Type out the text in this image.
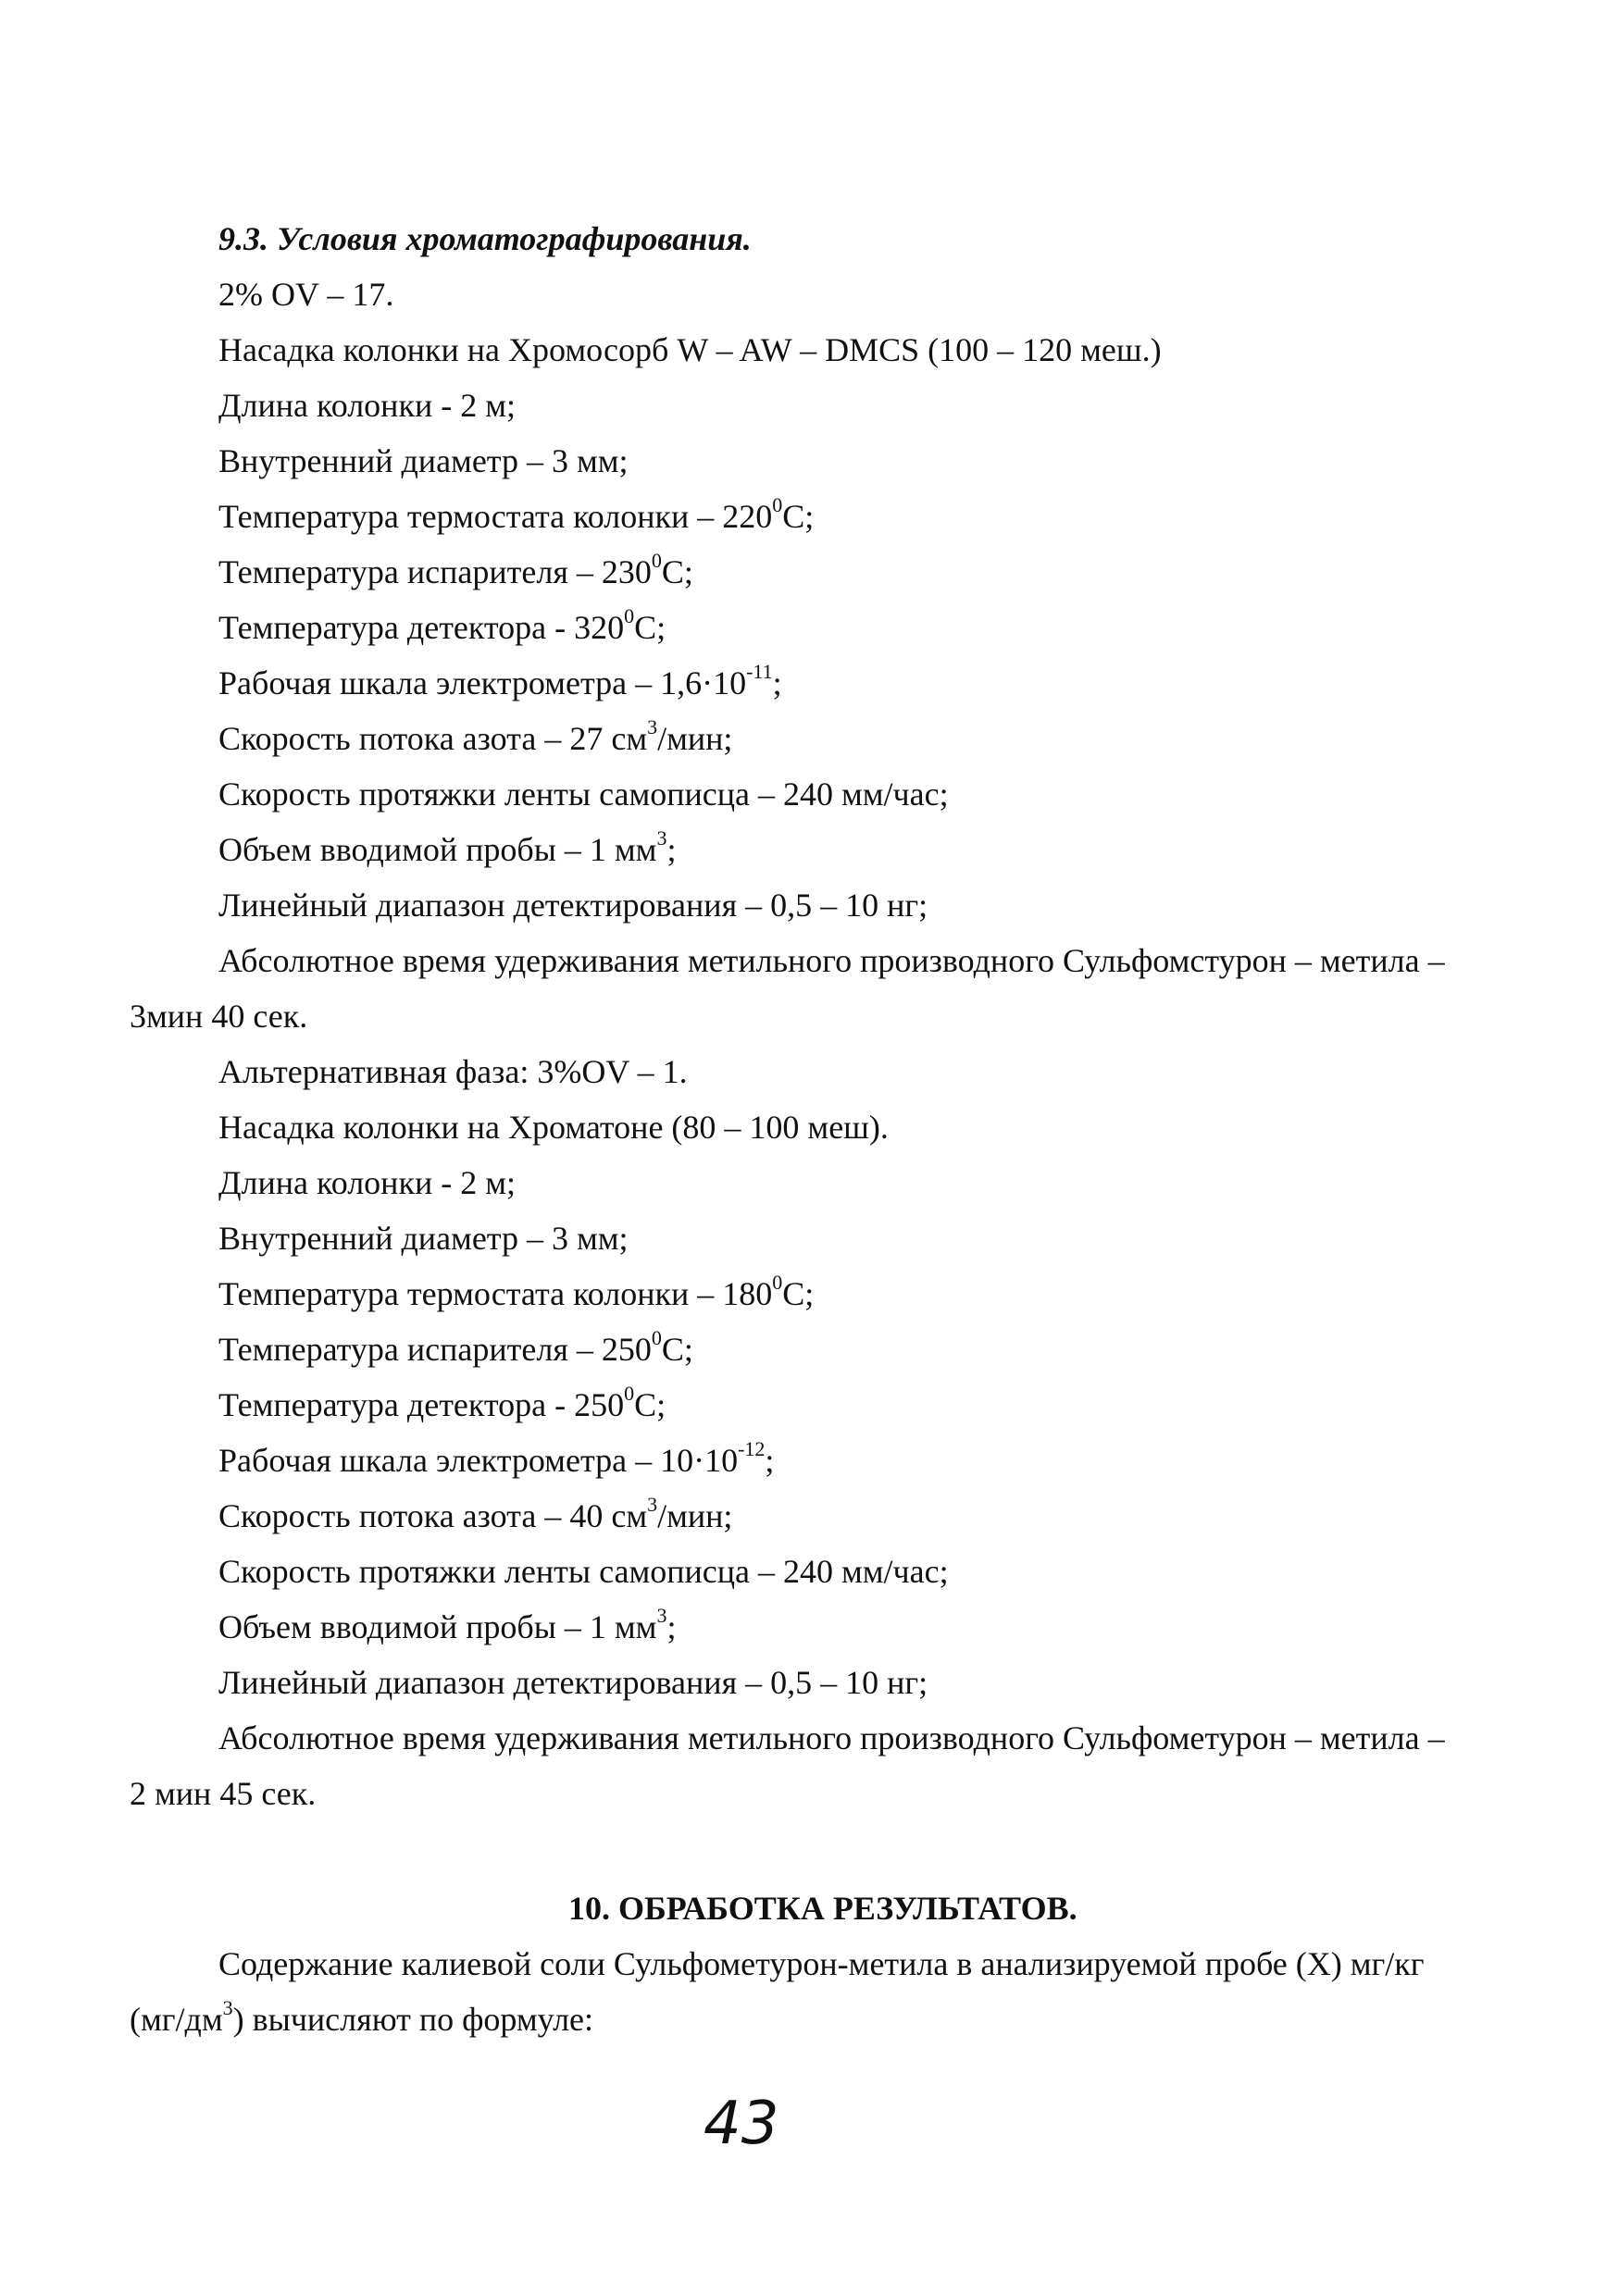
9.3. Условия хроматографирования.
2% OV – 17.
Насадка колонки на Хромосорб W – AW – DMCS (100 – 120 меш.)
Длина колонки - 2 м;
Внутренний диаметр – 3 мм;
Температура термостата колонки – $220^0С$;
Температура испарителя – $230^0С$;
Температура детектора - $320^0С$;
Рабочая шкала электрометра – $1,6\cdot 10^{-11}$;
Скорость потока азота – 27 $см^3$/мин;
Скорость протяжки ленты самописца – 240 мм/час;
Объем вводимой пробы – 1 $мм^3$;
Линейный диапазон детектирования – 0,5 – 10 нг;
Абсолютное время удерживания метильного производного Сульфомстурон – метила –
3мин 40 сек.
Альтернативная фаза: 3%OV – 1.
Насадка колонки на Хроматоне (80 – 100 меш).
Длина колонки - 2 м;
Внутренний диаметр – 3 мм;
Температура термостата колонки – $180^0С$;
Температура испарителя – $250^0С$;
Температура детектора - $250^0С$;
Рабочая шкала электрометра – $10\cdot 10^{-12}$;
Скорость потока азота – 40 $см^3$/мин;
Скорость протяжки ленты самописца – 240 мм/час;
Объем вводимой пробы – 1 $мм^3$;
Линейный диапазон детектирования – 0,5 – 10 нг;
Абсолютное время удерживания метильного производного Сульфометурон – метила –
2 мин 45 сек.
10. ОБРАБОТКА РЕЗУЛЬТАТОВ.
Содержание калиевой соли Сульфометурон-метила в анализируемой пробе (Х) мг/кг
$(мг/дм^3)$ вычисляют по формуле:
43
